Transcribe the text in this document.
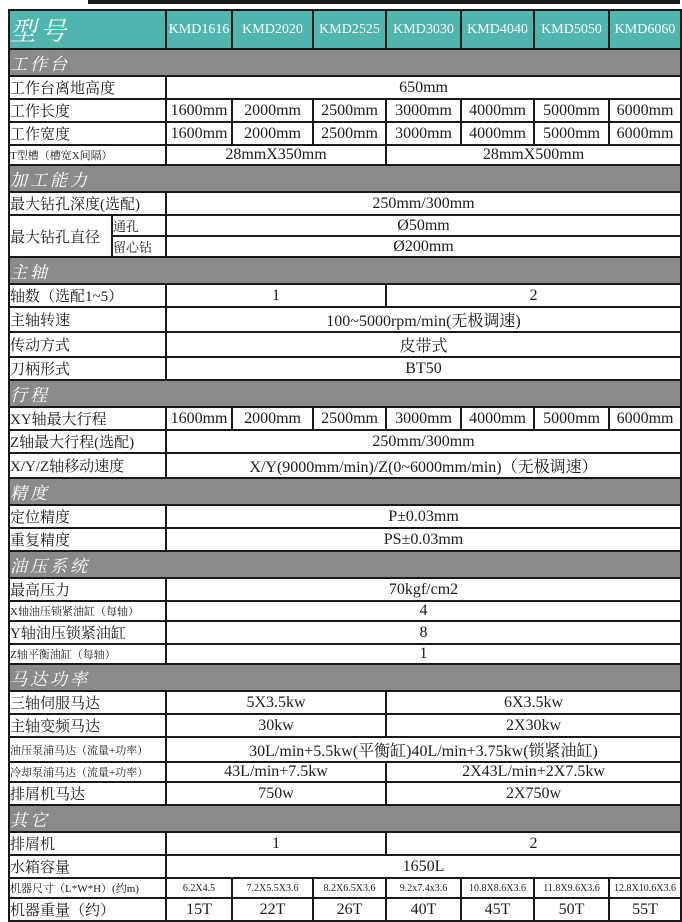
型号		KMD1616	KMD2020	KMD2525	KMD3030	KMD4040	KMD5050	KMD6060
工作台								
工作台离地高度		650mm						
工作长度		1600mm	2000mm	2500mm	3000mm	4000mm	5000mm	6000mm
工作宽度		1600mm	2000mm	2500mm	3000mm	4000mm	5000mm	6000mm
T型槽（槽宽X间隔）		28mmX350mm			28mmX500mm			
加工能力								
最大钻孔深度(选配)		250mm/300mm						
最大钻孔直径	通孔	Ø50mm						
	留心钻	Ø200mm						
主轴								
轴数（选配1~5）		1			2			
主轴转速		100~5000rpm/min(无极调速)						
传动方式		皮带式						
刀柄形式		BT50						
行程								
XY轴最大行程		1600mm	2000mm	2500mm	3000mm	4000mm	5000mm	6000mm
Z轴最大行程(选配)		250mm/300mm						
X/Y/Z轴移动速度		X/Y(9000mm/min)/Z(0~6000mm/min)（无极调速）						
精度								
定位精度		P±0.03mm						
重复精度		PS±0.03mm						
油压系统								
最高压力		70kgf/cm2						
X轴油压锁紧油缸（每轴）		4						
Y轴油压锁紧油缸		8						
Z轴平衡油缸（每轴）		1						
马达功率								
三轴伺服马达		5X3.5kw			6X3.5kw			
主轴变频马达		30kw			2X30kw			
油压泵浦马达（流量+功率）		30L/min+5.5kw(平衡缸)40L/min+3.75kw(锁紧油缸)						
冷却泵浦马达（流量+功率）		43L/min+7.5kw			2X43L/min+2X7.5kw			
排屑机马达		750w			2X750w			
其它								
排屑机		1			2			
水箱容量		1650L						
机器尺寸（L*W*H）(约m)		6.2X4.5	7.2X5.5X3.6	8.2X6.5X3.6	9.2x7.4x3.6	10.8X8.6X3.6	11.8X9.6X3.6	12.8X10.6X3.6
机器重量（约）		15T	22T	26T	40T	45T	50T	55T
